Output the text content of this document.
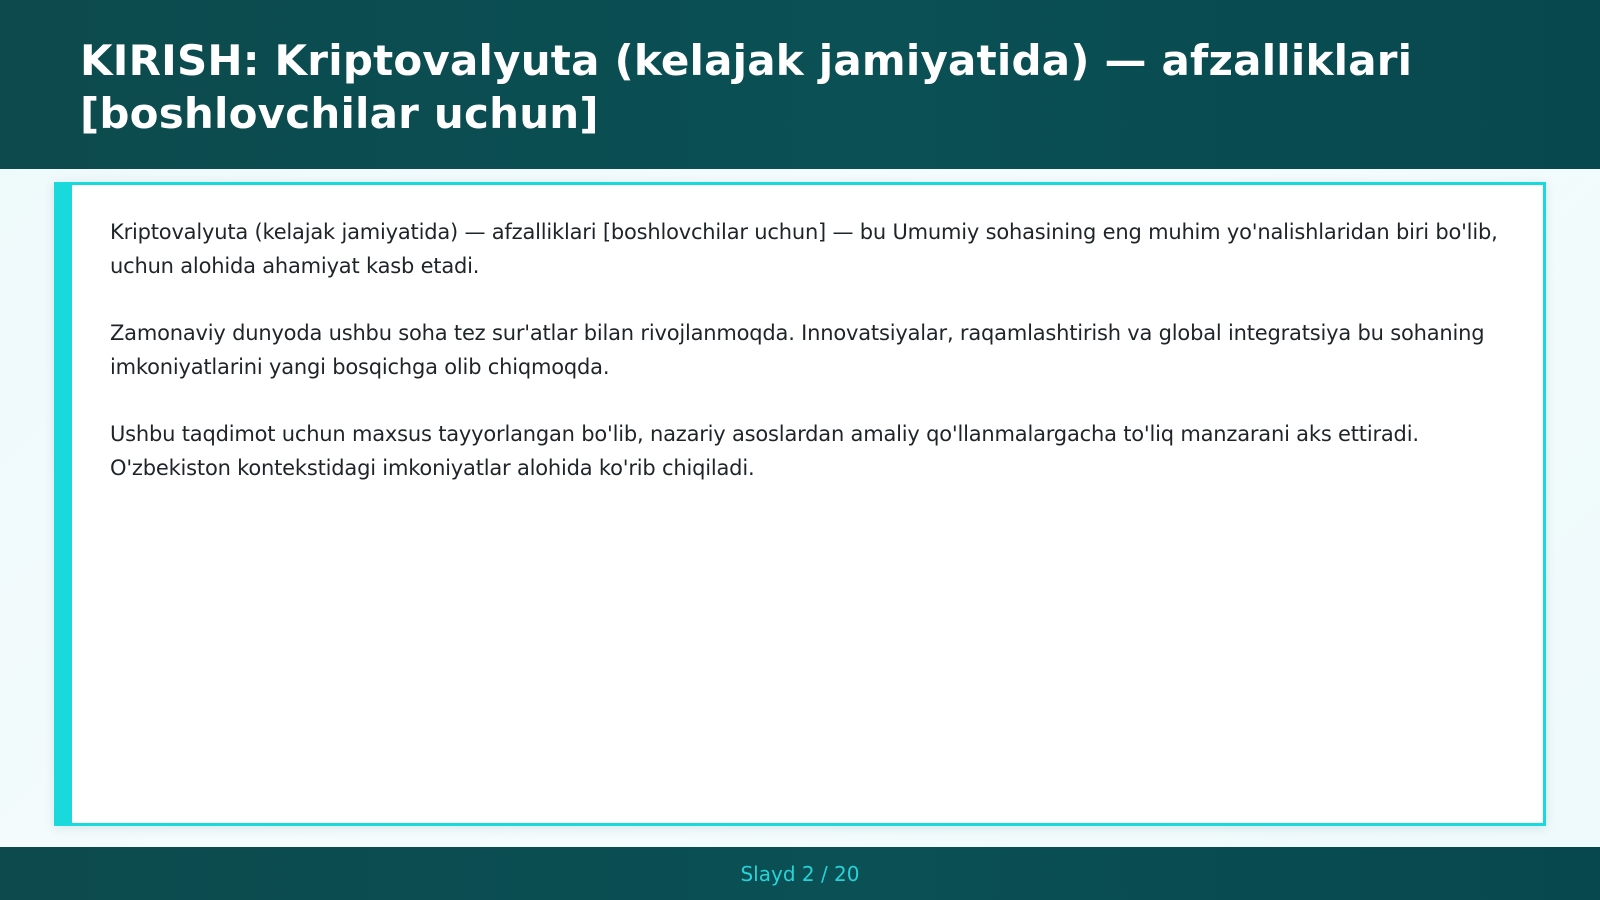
KIRISH: Kriptovalyuta (kelajak jamiyatida) — afzalliklari [boshlovchilar uchun]

Kriptovalyuta (kelajak jamiyatida) — afzalliklari [boshlovchilar uchun] — bu Umumiy sohasining eng muhim yo'nalishlaridan biri bo'lib, uchun alohida ahamiyat kasb etadi.

Zamonaviy dunyoda ushbu soha tez sur'atlar bilan rivojlanmoqda. Innovatsiyalar, raqamlashtirish va global integratsiya bu sohaning imkoniyatlarini yangi bosqichga olib chiqmoqda.

Ushbu taqdimot uchun maxsus tayyorlangan bo'lib, nazariy asoslardan amaliy qo'llanmalargacha to'liq manzarani aks ettiradi. O'zbekiston kontekstidagi imkoniyatlar alohida ko'rib chiqiladi.

Slayd 2 / 20
